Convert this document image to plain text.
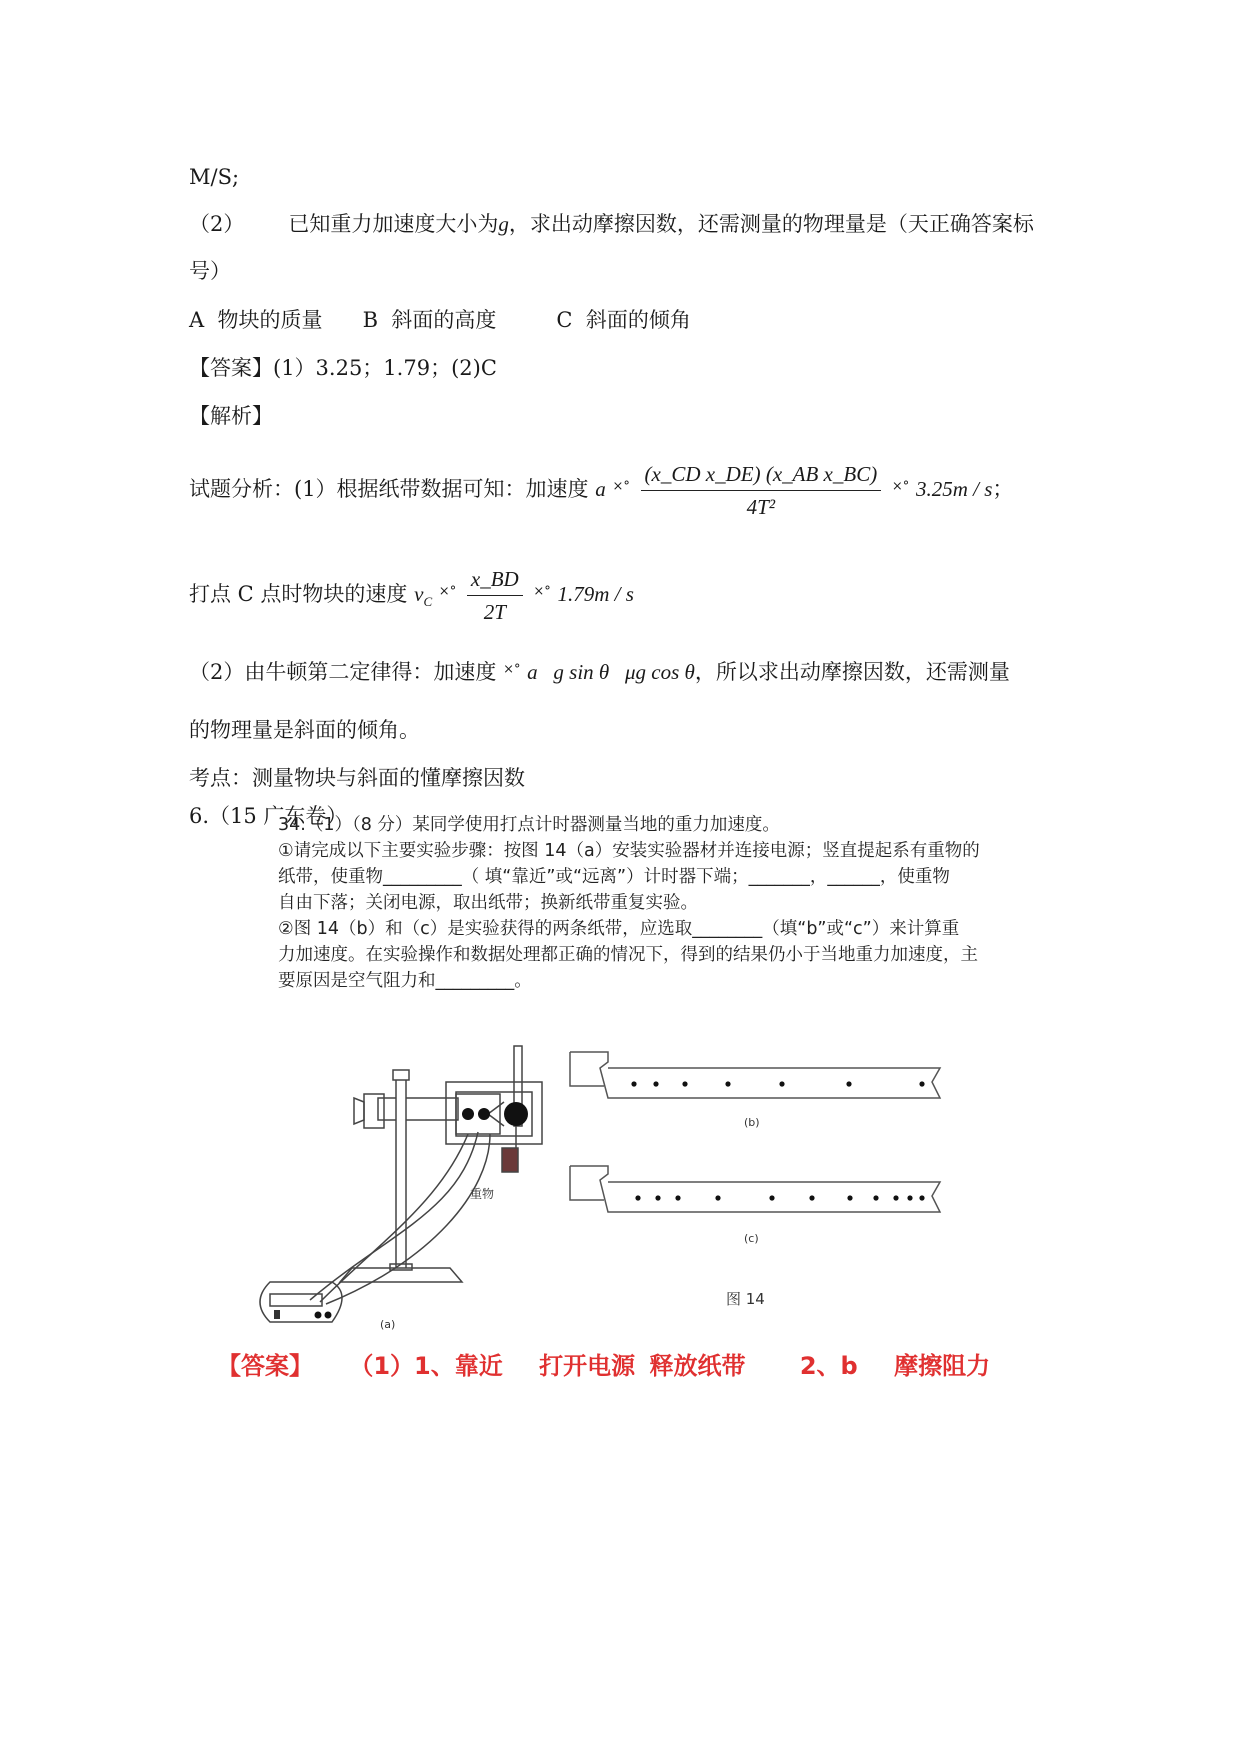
M/S;
（2） 已知重力加速度大小为g，求出动摩擦因数，还需测量的物理量是（天正确答案标
号）
A  物块的质量      B  斜面的高度         C  斜面的倾角
【答案】(1）3.25；1.79；(2)C
【解析】
试题分析：(1）根据纸带数据可知：加速度 a $^{\times^\circ} \frac{\text{(x\_CD x\_DE) (x\_AB x\_BC)}}{\text{4T²}} ^{\times^\circ}$ 3.25m / s；
打点 C 点时物块的速度 $v_C$ $^{\times^\circ} \frac{x\_BD}{2T} ^{\times^\circ}$ 1.79m / s
（2）由牛顿第二定律得：加速度 ×° a   g sin θ   μg cos θ，所以求出动摩擦因数，还需测量
的物理量是斜面的倾角。
考点：测量物块与斜面的懂摩擦因数
6.（15 广东卷）
34.（1）（8 分）某同学使用打点计时器测量当地的重力加速度。
①请完成以下主要实验步骤：按图 14（a）安装实验器材并连接电源；竖直提起系有重物的
纸带，使重物_________（ 填“靠近”或“远离”）计时器下端；_______，______，使重物
自由下落；关闭电源，取出纸带；换新纸带重复实验。
②图 14（b）和（c）是实验获得的两条纸带，应选取________（填“b”或“c”）来计算重
力加速度。在实验操作和数据处理都正确的情况下，得到的结果仍小于当地重力加速度，主
要原因是空气阻力和_________。
重物
(a)
(b)
(c)
图 14
【答案】 （1）1、靠近 打开电源 释放纸带 2、b 摩擦阻力
